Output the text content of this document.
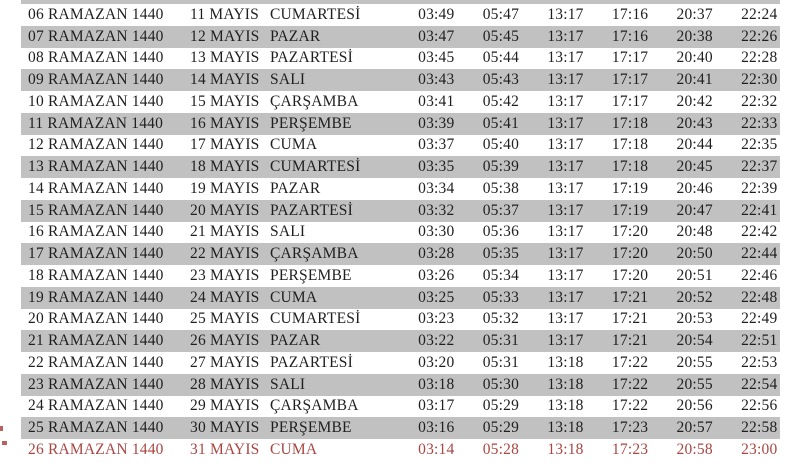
06 RAMAZAN 1440	11 MAYIS CUMARTESİ	03:49	05:47	13:17	17:16	20:37	22:24
07 RAMAZAN 1440	12 MAYIS PAZAR	03:47	05:45	13:17	17:16	20:38	22:26
08 RAMAZAN 1440	13 MAYIS PAZARTESİ	03:45	05:44	13:17	17:17	20:40	22:28
09 RAMAZAN 1440	14 MAYIS SALI	03:43	05:43	13:17	17:17	20:41	22:30
10 RAMAZAN 1440	15 MAYIS ÇARŞAMBA	03:41	05:42	13:17	17:17	20:42	22:32
11 RAMAZAN 1440	16 MAYIS PERŞEMBE	03:39	05:41	13:17	17:18	20:43	22:33
12 RAMAZAN 1440	17 MAYIS CUMA	03:37	05:40	13:17	17:18	20:44	22:35
13 RAMAZAN 1440	18 MAYIS CUMARTESİ	03:35	05:39	13:17	17:18	20:45	22:37
14 RAMAZAN 1440	19 MAYIS PAZAR	03:34	05:38	13:17	17:19	20:46	22:39
15 RAMAZAN 1440	20 MAYIS PAZARTESİ	03:32	05:37	13:17	17:19	20:47	22:41
16 RAMAZAN 1440	21 MAYIS SALI	03:30	05:36	13:17	17:20	20:48	22:42
17 RAMAZAN 1440	22 MAYIS ÇARŞAMBA	03:28	05:35	13:17	17:20	20:50	22:44
18 RAMAZAN 1440	23 MAYIS PERŞEMBE	03:26	05:34	13:17	17:20	20:51	22:46
19 RAMAZAN 1440	24 MAYIS CUMA	03:25	05:33	13:17	17:21	20:52	22:48
20 RAMAZAN 1440	25 MAYIS CUMARTESİ	03:23	05:32	13:17	17:21	20:53	22:49
21 RAMAZAN 1440	26 MAYIS PAZAR	03:22	05:31	13:17	17:21	20:54	22:51
22 RAMAZAN 1440	27 MAYIS PAZARTESİ	03:20	05:31	13:18	17:22	20:55	22:53
23 RAMAZAN 1440	28 MAYIS SALI	03:18	05:30	13:18	17:22	20:55	22:54
24 RAMAZAN 1440	29 MAYIS ÇARŞAMBA	03:17	05:29	13:18	17:22	20:56	22:56
25 RAMAZAN 1440	30 MAYIS PERŞEMBE	03:16	05:29	13:18	17:23	20:57	22:58
26 RAMAZAN 1440	31 MAYIS CUMA	03:14	05:28	13:18	17:23	20:58	23:00
